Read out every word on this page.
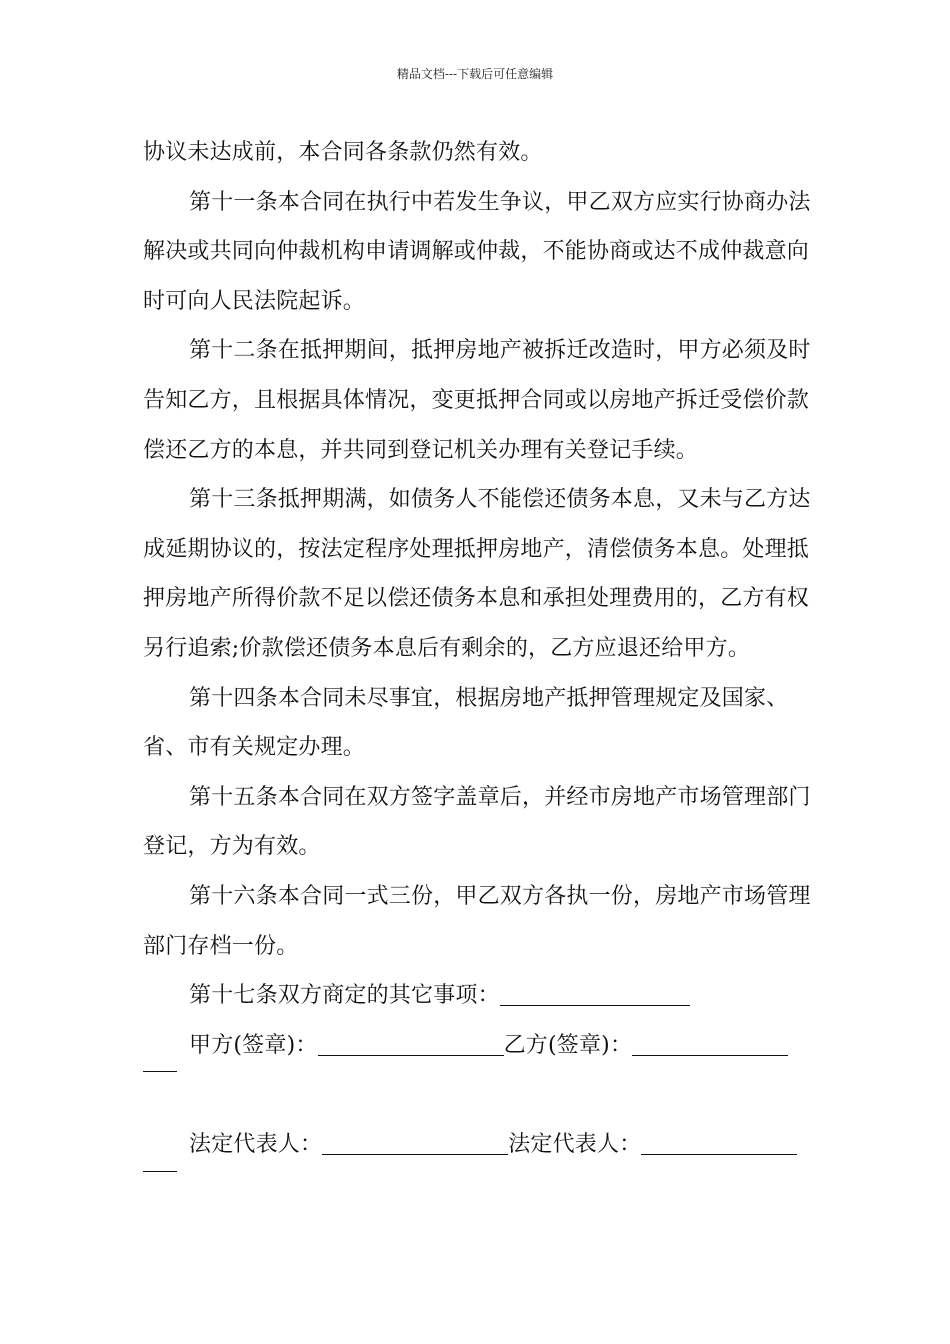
精品文档---下载后可任意编辑

协议未达成前，本合同各条款仍然有效。

第十一条本合同在执行中若发生争议，甲乙双方应实行协商办法解决或共同向仲裁机构申请调解或仲裁，不能协商或达不成仲裁意向时可向人民法院起诉。

第十二条在抵押期间，抵押房地产被拆迁改造时，甲方必须及时告知乙方，且根据具体情况，变更抵押合同或以房地产拆迁受偿价款偿还乙方的本息，并共同到登记机关办理有关登记手续。

第十三条抵押期满，如债务人不能偿还债务本息，又未与乙方达成延期协议的，按法定程序处理抵押房地产，清偿债务本息。处理抵押房地产所得价款不足以偿还债务本息和承担处理费用的，乙方有权另行追索;价款偿还债务本息后有剩余的，乙方应退还给甲方。

第十四条本合同未尽事宜，根据房地产抵押管理规定及国家、省、市有关规定办理。

第十五条本合同在双方签字盖章后，并经市房地产市场管理部门登记，方为有效。

第十六条本合同一式三份，甲乙双方各执一份，房地产市场管理部门存档一份。

第十七条双方商定的其它事项：

甲方(签章)：	乙方(签章)：

法定代表人：	法定代表人：
